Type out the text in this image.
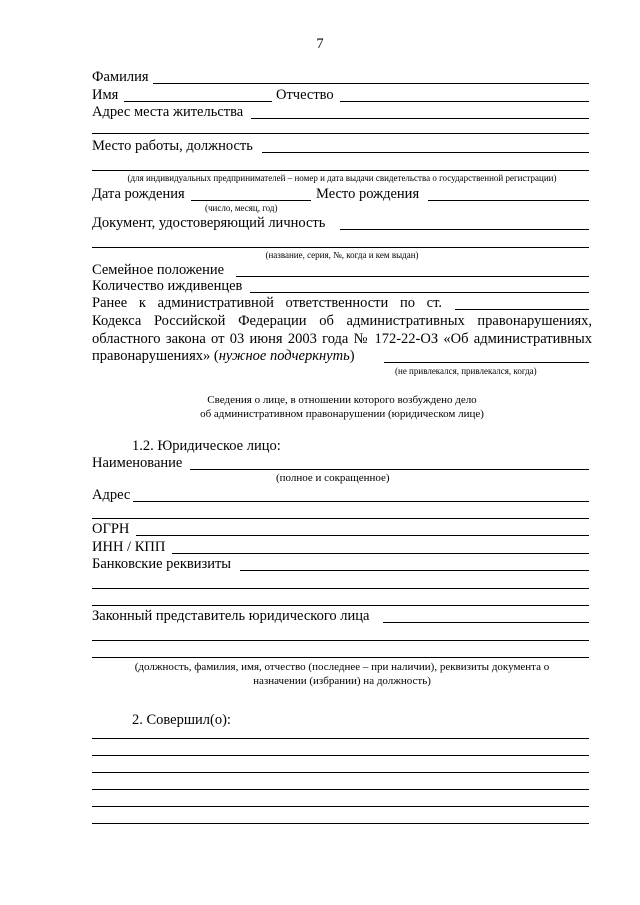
7
Фамилия
Имя	Отчество
Адрес места жительства
Место работы, должность
(для индивидуальных предпринимателей – номер и дата выдачи свидетельства о государственной регистрации)
Дата рождения	Место рождения
(число, месяц, год)
Документ, удостоверяющий личность
(название, серия, №, когда и кем выдан)
Семейное положение
Количество иждивенцев
Ранее к административной ответственности по ст.
Кодекса Российской Федерации об административных правонарушениях,
областного закона от 03 июня 2003 года № 172-22-ОЗ «Об административных
правонарушениях» (нужное подчеркнуть)
(не привлекался, привлекался, когда)
Сведения о лице, в отношении которого возбуждено дело
об административном правонарушении (юридическом лице)
1.2. Юридическое лицо:
Наименование
(полное и сокращенное)
Адрес
ОГРН
ИНН / КПП
Банковские реквизиты
Законный представитель юридического лица
(должность, фамилия, имя, отчество (последнее – при наличии), реквизиты документа о
назначении (избрании) на должность)
2. Совершил(о):
